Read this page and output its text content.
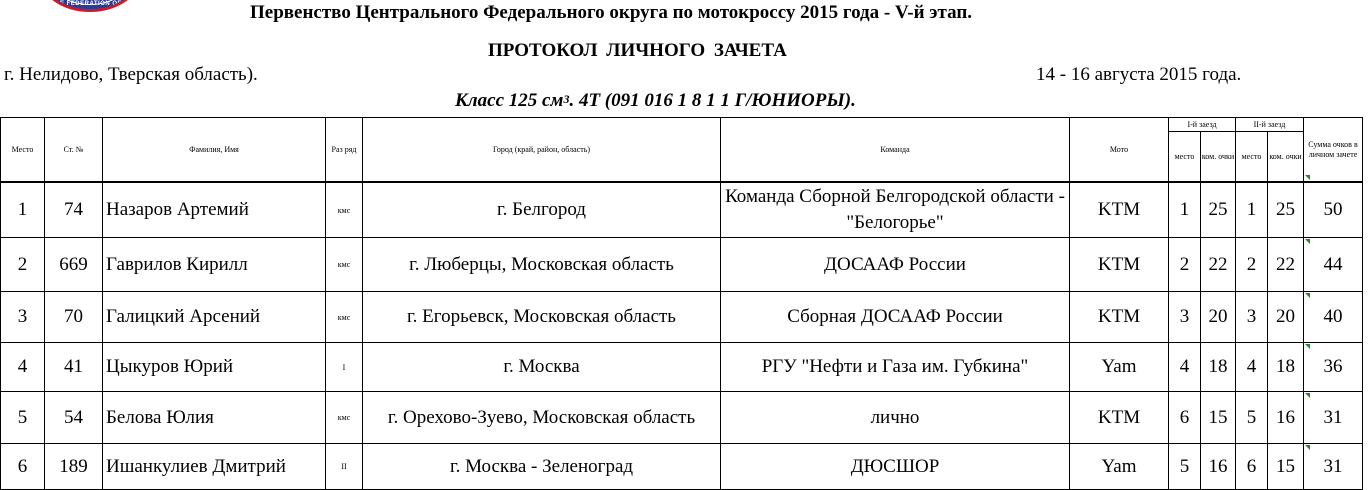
YCLE FEDERATION OF RU	Первенство Центрального Федерального округа по мотокроссу 2015 года - V-й этап.
ПРОТОКОЛ ЛИЧНОГО ЗАЧЕТА
г. Нелидово, Тверская область).	14 - 16 августа 2015 года.
Класс 125 $см^3$. 4Т (091 016 1 8 1 1 Г/ЮНИОРЫ).
Место	Ст. №	Фамилия, Имя	Раз ряд	Город (край, район, область)	Команда	Мото	I-й заезд		II-й заезд		Сумма очков в личном зачете
							место	ком. очки	место	ком. очки	
1	74	Назаров Артемий	кмс	г. Белгород	Команда Сборной Белгородской области - "Белогорье"	KTM	1	25	1	25	50
2	669	Гаврилов Кирилл	кмс	г. Люберцы, Московская область	ДОСААФ России	KTM	2	22	2	22	44
3	70	Галицкий Арсений	кмс	г. Егорьевск, Московская область	Сборная ДОСААФ России	KTM	3	20	3	20	40
4	41	Цыкуров Юрий	I	г. Москва	РГУ "Нефти и Газа им. Губкина"	Yam	4	18	4	18	36
5	54	Белова Юлия	кмс	г. Орехово-Зуево, Московская область	лично	KTM	6	15	5	16	31
6	189	Ишанкулиев Дмитрий	II	г. Москва - Зеленоград	ДЮСШОР	Yam	5	16	6	15	31
